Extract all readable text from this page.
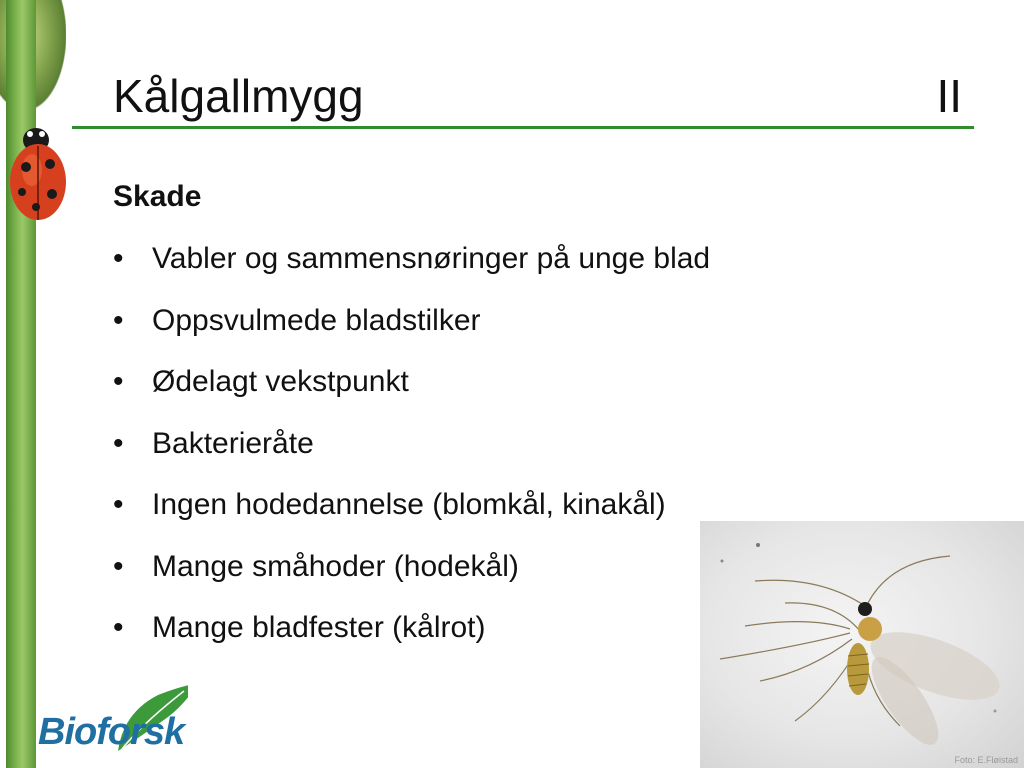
Kålgallmygg	II
Skade
• Vabler og sammensnøringer på unge blad
• Oppsvulmede bladstilker
• Ødelagt vekstpunkt
• Bakterieråte
• Ingen hodedannelse (blomkål, kinakål)
• Mange småhoder (hodekål)
• Mange bladfester (kålrot)
Foto: E.Fløistad
Bioforsk
